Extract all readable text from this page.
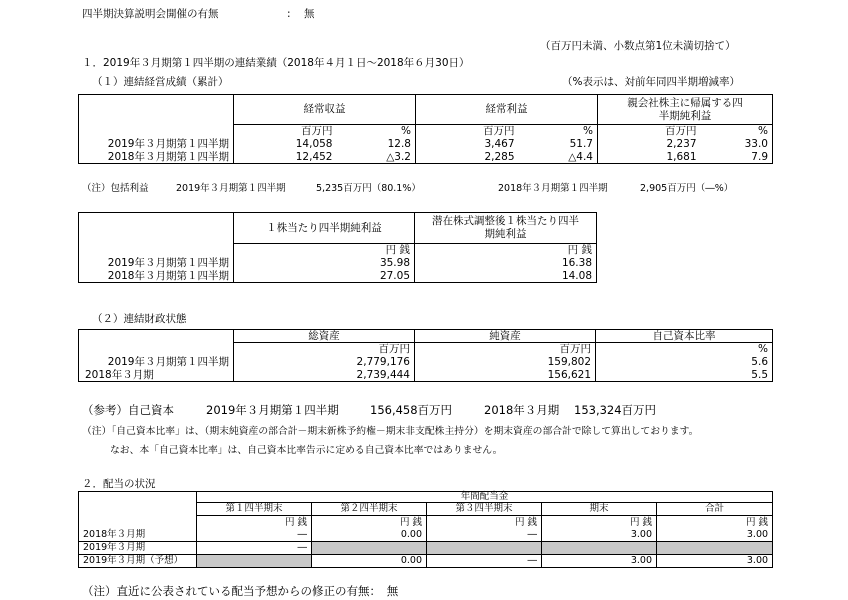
四半期決算説明会開催の有無	: 無
（百万円未満、小数点第1位未満切捨て）
１．2019年３月期第１四半期の連結業績（2018年４月１日～2018年６月30日）
（１）連結経営成績（累計）	（%表示は、対前年同四半期増減率）
	経常収益		経常利益		親会社株主に帰属する四半期純利益	

	百万円	%	百万円	%	百万円	%
2019年３月期第１四半期	14,058	12.8	3,467	51.7	2,237	33.0
2018年３月期第１四半期	12,452	△3.2	2,285	△4.4	1,681	7.9
（注）包括利益	2019年３月期第１四半期	5,235百万円（80.1%）	2018年３月期第１四半期	2,905百万円（―%）
	１株当たり四半期純利益	潜在株式調整後１株当たり四半期純利益

	円 銭	円 銭
2019年３月期第１四半期	35.98	16.38
2018年３月期第１四半期	27.05	14.08
（２）連結財政状態
	総資産	純資産	自己資本比率
	百万円	百万円	%
2019年３月期第１四半期	2,779,176	159,802	5.6
2018年３月期	2,739,444	156,621	5.5
（参考）自己資本	2019年３月期第１四半期	156,458百万円	2018年３月期 153,324百万円
（注）「自己資本比率」は、（期末純資産の部合計－期末新株予約権－期末非支配株主持分）を期末資産の部合計で除して算出しております。
なお、本「自己資本比率」は、自己資本比率告示に定める自己資本比率ではありません。
２．配当の状況
	年間配当金				
	第１四半期末	第２四半期末	第３四半期末	期末	合計
	円 銭	円 銭	円 銭	円 銭	円 銭
2018年３月期	―	0.00	―	3.00	3.00
2019年３月期	―				
2019年３月期（予想）		0.00	―	3.00	3.00
（注）直近に公表されている配当予想からの修正の有無：　無
